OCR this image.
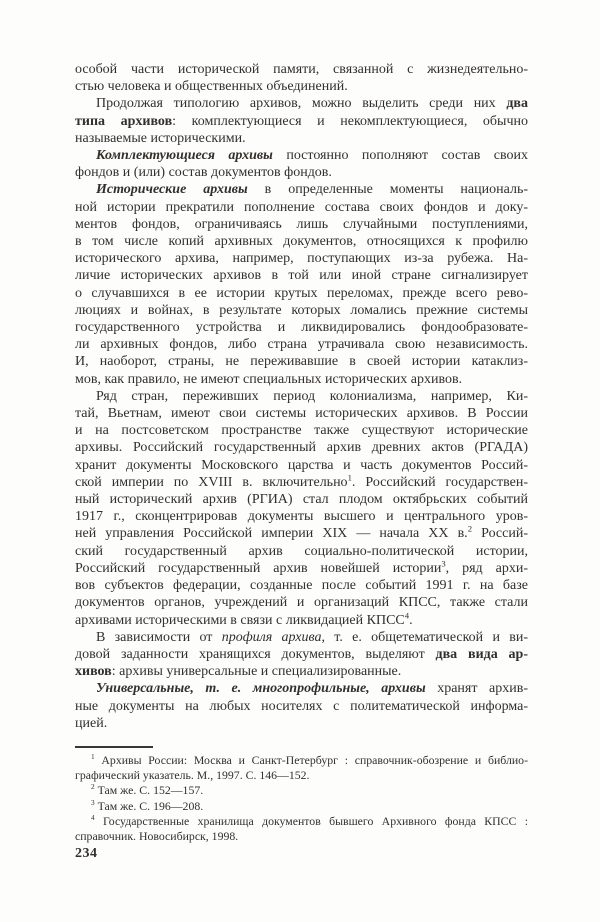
особой части исторической памяти, связанной с жизнедеятельно-
стью человека и общественных объединений.
Продолжая типологию архивов, можно выделить среди них два
типа архивов: комплектующиеся и некомплектующиеся, обычно
называемые историческими.
Комплектующиеся архивы постоянно пополняют состав своих
фондов и (или) состав документов фондов.
Исторические архивы в определенные моменты националь-
ной истории прекратили пополнение состава своих фондов и доку-
ментов фондов, ограничиваясь лишь случайными поступлениями,
в том числе копий архивных документов, относящихся к профилю
исторического архива, например, поступающих из-за рубежа. На-
личие исторических архивов в той или иной стране сигнализирует
о случавшихся в ее истории крутых переломах, прежде всего рево-
люциях и войнах, в результате которых ломались прежние системы
государственного устройства и ликвидировались фондообразовате-
ли архивных фондов, либо страна утрачивала свою независимость.
И, наоборот, страны, не переживавшие в своей истории катаклиз-
мов, как правило, не имеют специальных исторических архивов.
Ряд стран, переживших период колониализма, например, Ки-
тай, Вьетнам, имеют свои системы исторических архивов. В России
и на постсоветском пространстве также существуют исторические
архивы. Российский государственный архив древних актов (РГАДА)
хранит документы Московского царства и часть документов Россий-
ской империи по XVIII в. включительно$^1$. Российский государствен-
ный исторический архив (РГИА) стал плодом октябрьских событий
1917 г., сконцентрировав документы высшего и центрального уров-
ней управления Российской империи XIX — начала XX в.$^2$ Россий-
ский государственный архив социально-политической истории,
Российский государственный архив новейшей истории$^3$, ряд архи-
вов субъектов федерации, созданные после событий 1991 г. на базе
документов органов, учреждений и организаций КПСС, также стали
архивами историческими в связи с ликвидацией КПСС$^4$.
В зависимости от профиля архива, т. е. общетематической и ви-
довой заданности хранящихся документов, выделяют два вида ар-
хивов: архивы универсальные и специализированные.
Универсальные, т. е. многопрофильные, архивы хранят архив-
ные документы на любых носителях с политематической информа-
цией.
$^1$ Архивы России: Москва и Санкт-Петербург : справочник-обозрение и библио-
графический указатель. М., 1997. С. 146—152.
$^2$ Там же. С. 152—157.
$^3$ Там же. С. 196—208.
$^4$ Государственные хранилища документов бывшего Архивного фонда КПСС :
справочник. Новосибирск, 1998.
234
